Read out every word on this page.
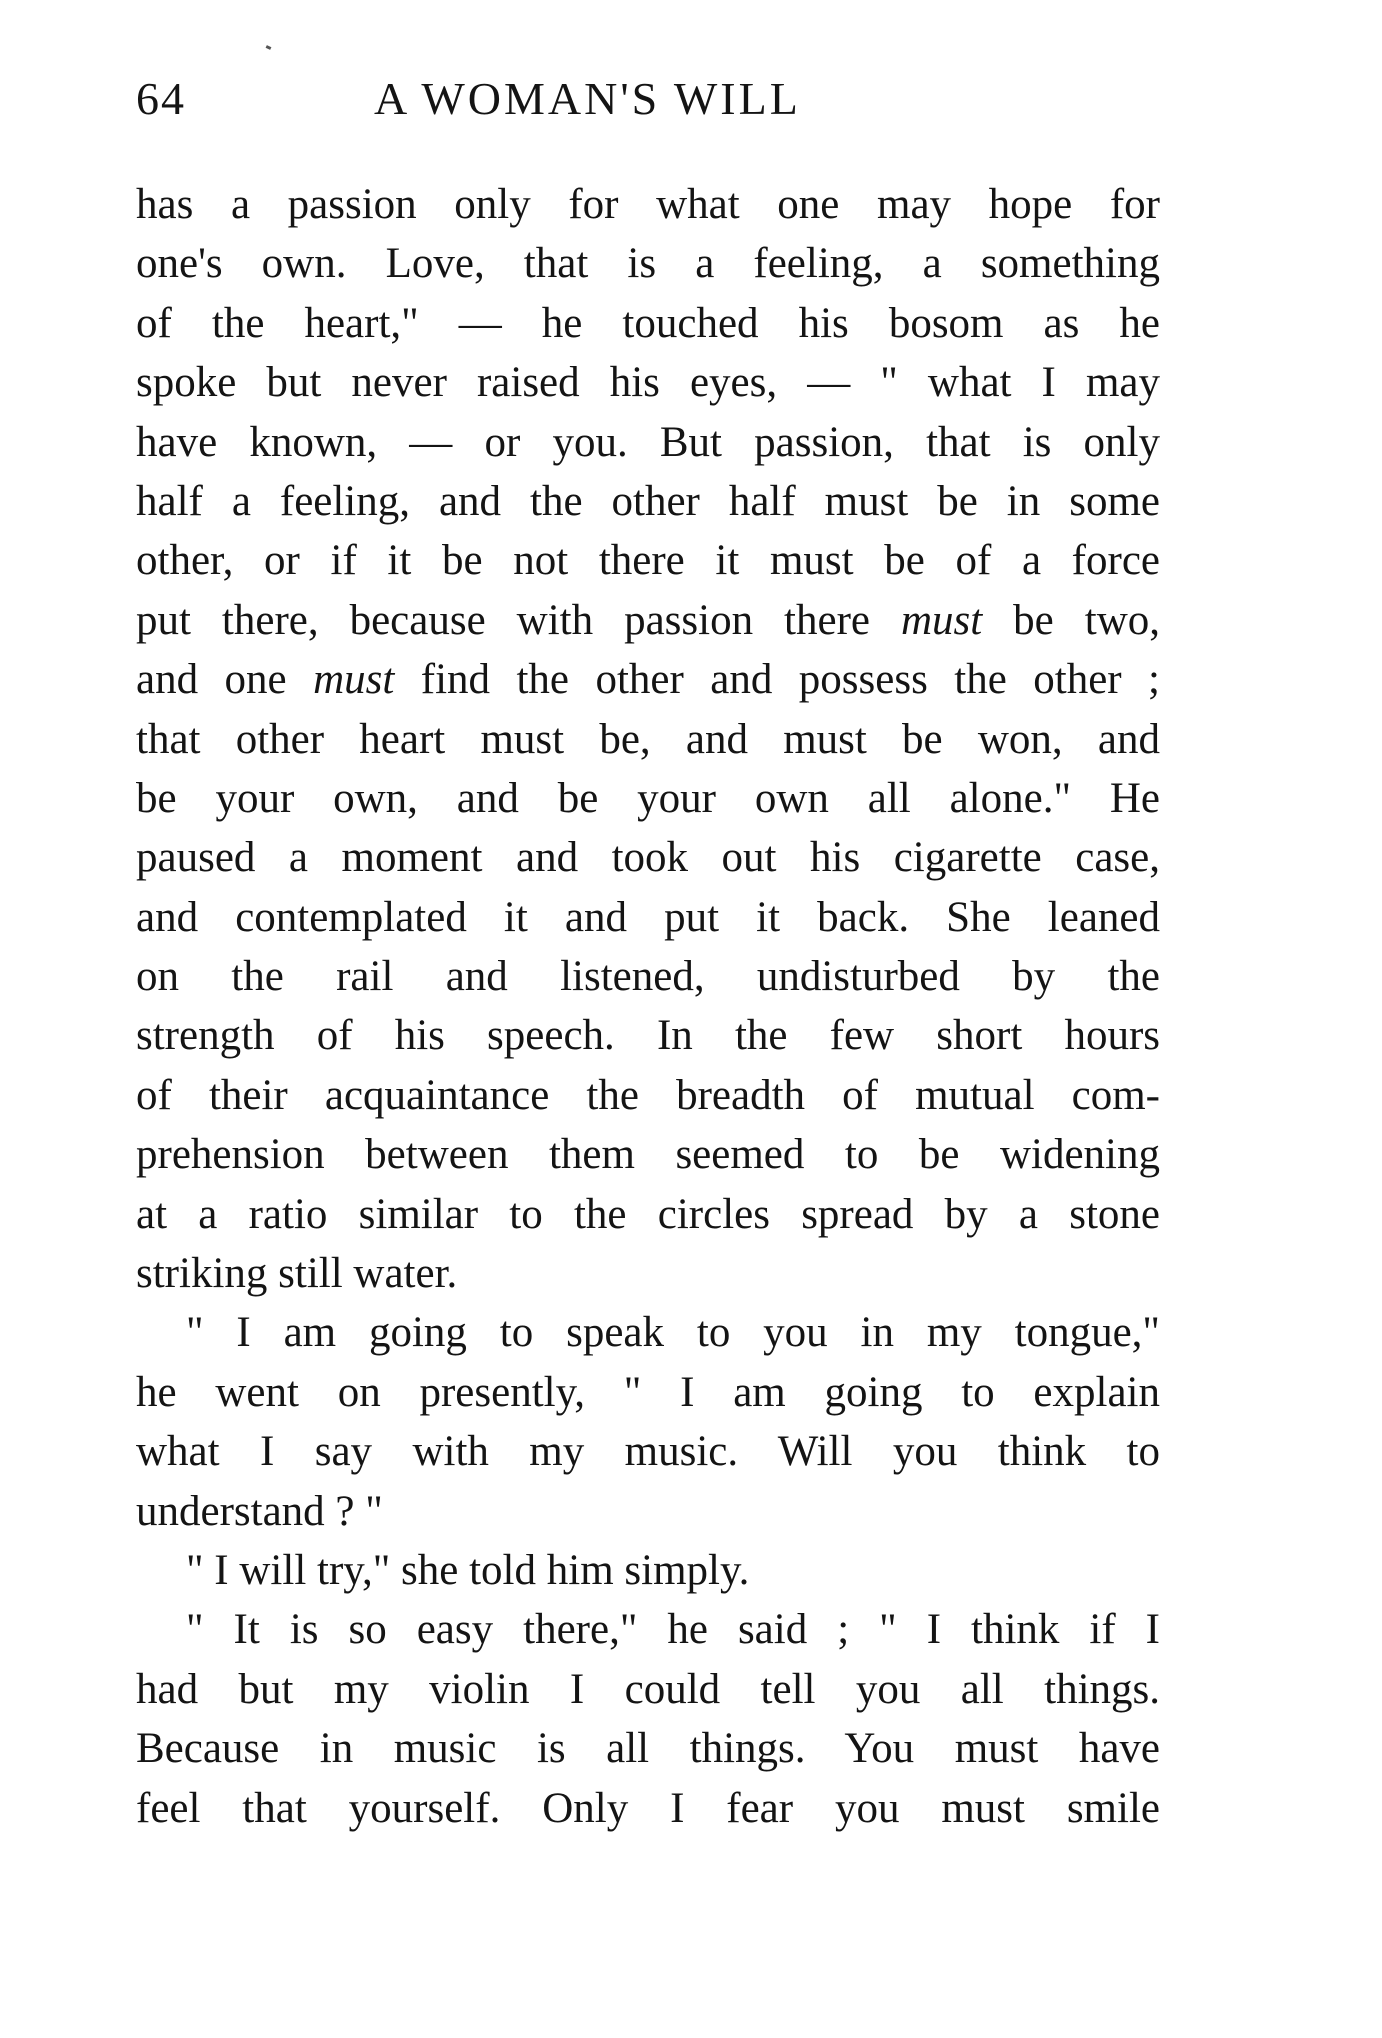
64	A WOMAN'S WILL
has a passion only for what one may hope for
one's own. Love, that is a feeling, a something
of the heart," — he touched his bosom as he
spoke but never raised his eyes, — " what I may
have known, — or you. But passion, that is only
half a feeling, and the other half must be in some
other, or if it be not there it must be of a force
put there, because with passion there must be two,
and one must find the other and possess the other ;
that other heart must be, and must be won, and
be your own, and be your own all alone." He
paused a moment and took out his cigarette case,
and contemplated it and put it back. She leaned
on the rail and listened, undisturbed by the
strength of his speech. In the few short hours
of their acquaintance the breadth of mutual com-
prehension between them seemed to be widening
at a ratio similar to the circles spread by a stone
striking still water.
" I am going to speak to you in my tongue,"
he went on presently, " I am going to explain
what I say with my music. Will you think to
understand ? "
" I will try," she told him simply.
" It is so easy there," he said ; " I think if I
had but my violin I could tell you all things.
Because in music is all things. You must have
feel that yourself. Only I fear you must smile
